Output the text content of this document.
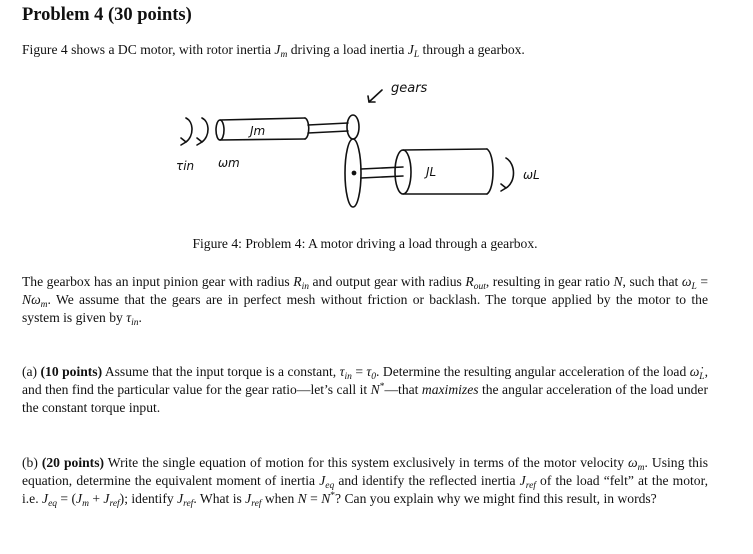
Problem 4 (30 points)
Figure 4 shows a DC motor, with rotor inertia $J_m$ driving a load inertia $J_L$ through a gearbox.
Figure 4: Problem 4: A motor driving a load through a gearbox.
The gearbox has an input pinion gear with radius $R_{in}$ and output gear with radius $R_{out}$, resulting in gear ratio N, such that $\omega_L = N\omega_m$. We assume that the gears are in perfect mesh without friction or backlash. The torque applied by the motor to the system is given by $\tau_{in}$.
(a) (10 points) Assume that the input torque is a constant, $\tau_{in} = \tau_0$. Determine the resulting angular acceleration of the load $\omegȧ_L$, and then find the particular value for the gear ratio—let’s call it N*—that maximizes the angular acceleration of the load under the constant torque input.
(b) (20 points) Write the single equation of motion for this system exclusively in terms of the motor velocity $\omega_m$. Using this equation, determine the equivalent moment of inertia $J_{eq}$ and identify the reflected inertia $J_{ref}$ of the load “felt” at the motor, i.e. $J_{eq} = (J_m + J_{ref})$; identify $J_{ref}$. What is $J_{ref}$ when N = N*? Can you explain why we might find this result, in words?
gears
Jm
JL
τin ωm
ωL
